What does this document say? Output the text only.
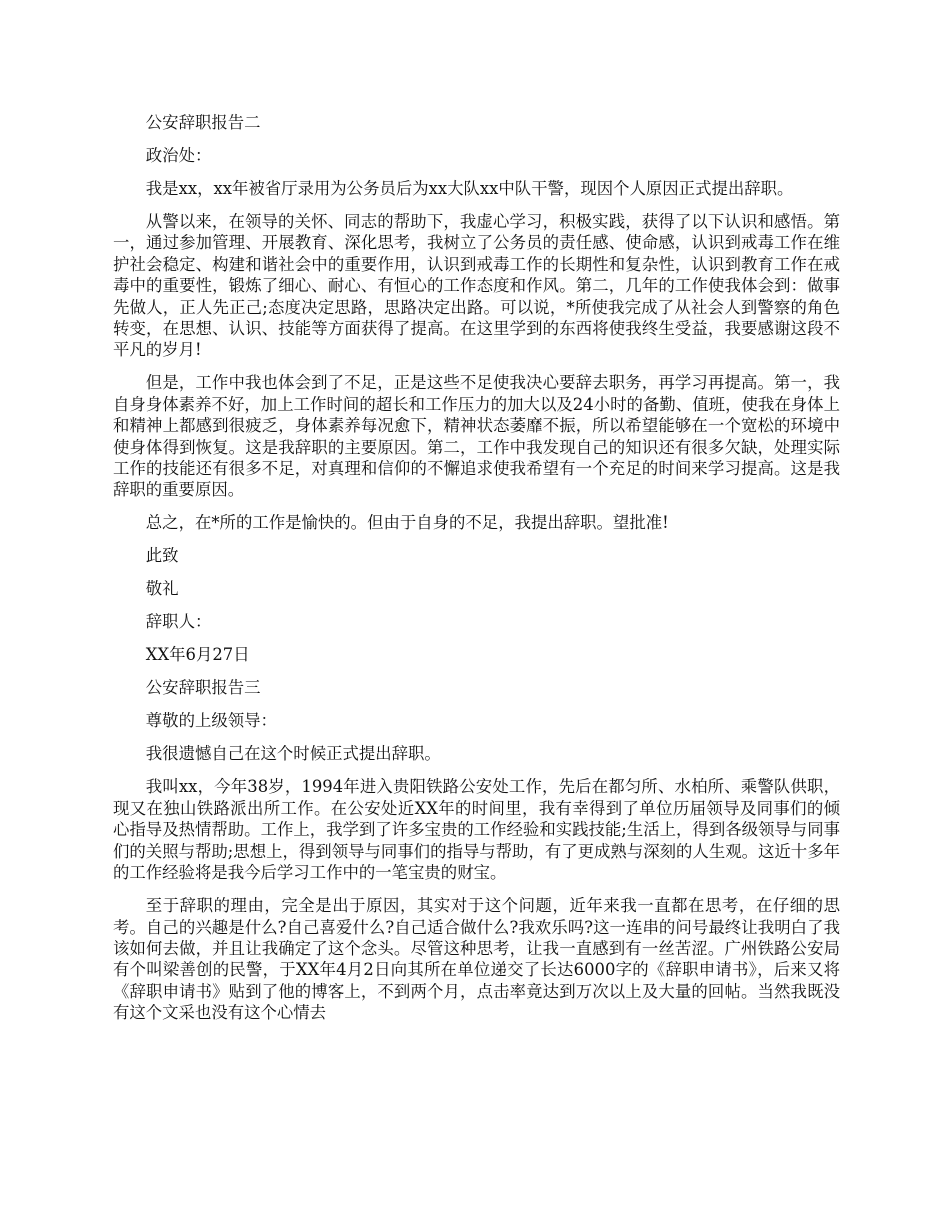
公安辞职报告二

政治处：

我是xx，xx年被省厅录用为公务员后为xx大队xx中队干警，现因个人原因正式提出辞职。

从警以来，在领导的关怀、同志的帮助下，我虚心学习，积极实践，获得了以下认识和感悟。第一，通过参加管理、开展教育、深化思考，我树立了公务员的责任感、使命感，认识到戒毒工作在维护社会稳定、构建和谐社会中的重要作用，认识到戒毒工作的长期性和复杂性，认识到教育工作在戒毒中的重要性，锻炼了细心、耐心、有恒心的工作态度和作风。第二，几年的工作使我体会到：做事先做人，正人先正己;态度决定思路，思路决定出路。可以说，*所使我完成了从社会人到警察的角色转变，在思想、认识、技能等方面获得了提高。在这里学到的东西将使我终生受益，我要感谢这段不平凡的岁月!

但是，工作中我也体会到了不足，正是这些不足使我决心要辞去职务，再学习再提高。第一，我自身身体素养不好，加上工作时间的超长和工作压力的加大以及24小时的备勤、值班，使我在身体上和精神上都感到很疲乏，身体素养每况愈下，精神状态萎靡不振，所以希望能够在一个宽松的环境中使身体得到恢复。这是我辞职的主要原因。第二，工作中我发现自己的知识还有很多欠缺，处理实际工作的技能还有很多不足，对真理和信仰的不懈追求使我希望有一个充足的时间来学习提高。这是我辞职的重要原因。

总之，在*所的工作是愉快的。但由于自身的不足，我提出辞职。望批准!

此致

敬礼

辞职人：

XX年6月27日

公安辞职报告三

尊敬的上级领导：

我很遗憾自己在这个时候正式提出辞职。

我叫xx，今年38岁，1994年进入贵阳铁路公安处工作，先后在都匀所、水柏所、乘警队供职，现又在独山铁路派出所工作。在公安处近XX年的时间里，我有幸得到了单位历届领导及同事们的倾心指导及热情帮助。工作上，我学到了许多宝贵的工作经验和实践技能;生活上，得到各级领导与同事们的关照与帮助;思想上，得到领导与同事们的指导与帮助，有了更成熟与深刻的人生观。这近十多年的工作经验将是我今后学习工作中的一笔宝贵的财宝。

至于辞职的理由，完全是出于原因，其实对于这个问题，近年来我一直都在思考，在仔细的思考。自己的兴趣是什么?自己喜爱什么?自己适合做什么?我欢乐吗?这一连串的问号最终让我明白了我该如何去做，并且让我确定了这个念头。尽管这种思考，让我一直感到有一丝苦涩。广州铁路公安局有个叫梁善创的民警，于XX年4月2日向其所在单位递交了长达6000字的《辞职申请书》，后来又将《辞职申请书》贴到了他的博客上，不到两个月，点击率竟达到万次以上及大量的回帖。当然我既没有这个文采也没有这个心情去
